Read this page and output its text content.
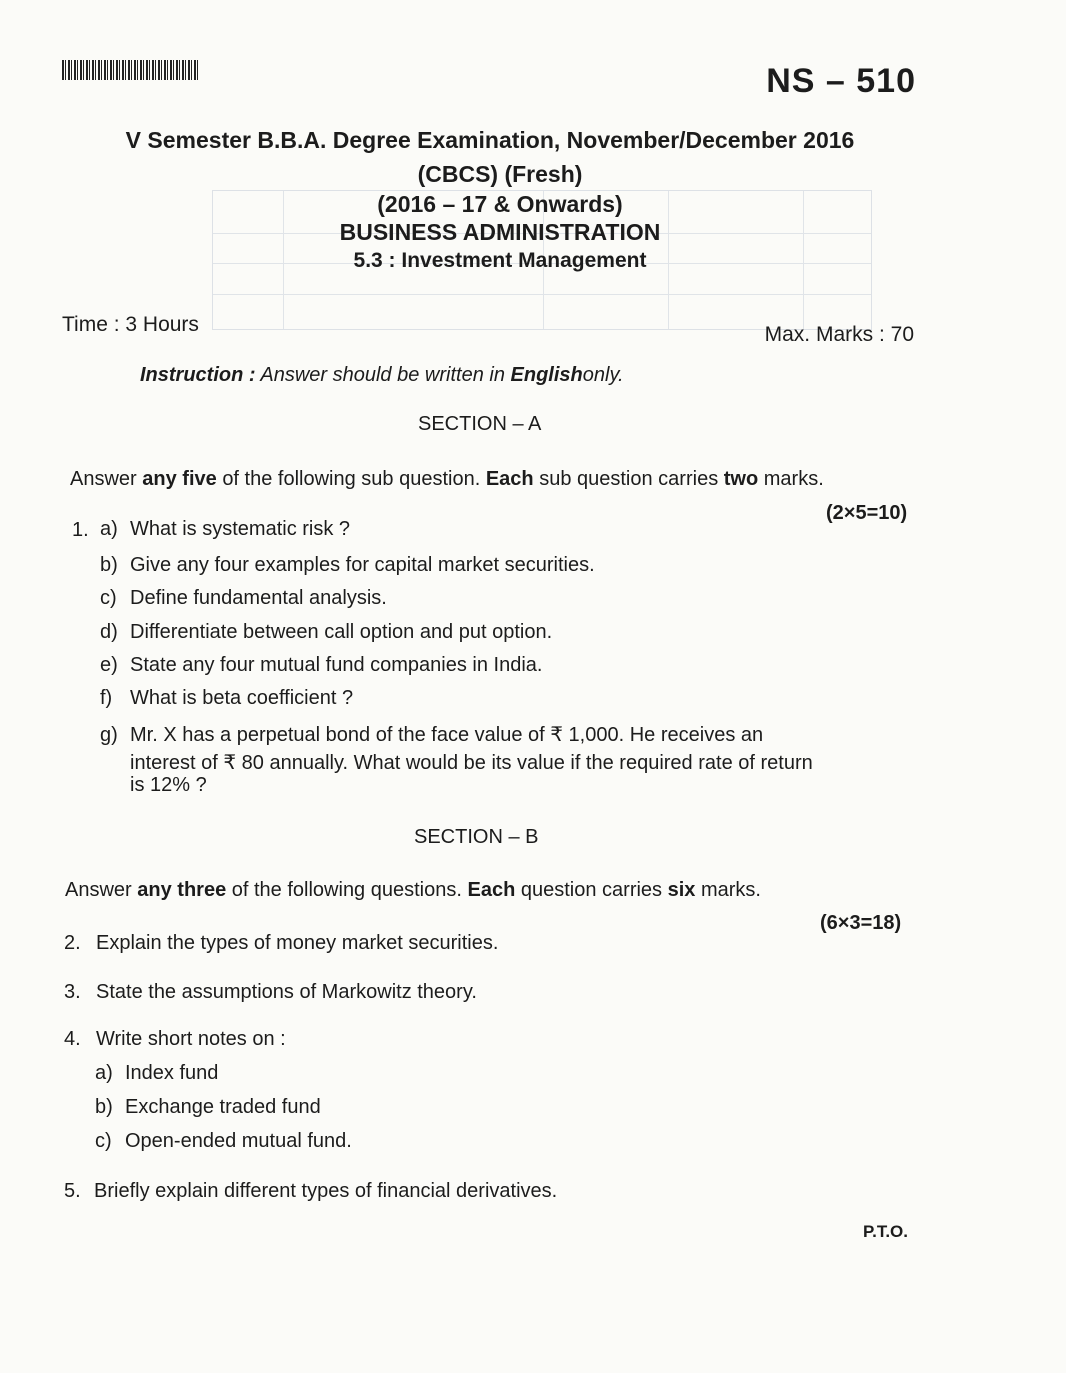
NS – 510
V Semester B.B.A. Degree Examination, November/December 2016
(CBCS) (Fresh)
(2016 – 17 & Onwards)
BUSINESS ADMINISTRATION
5.3 : Investment Management
Time : 3 Hours	Max. Marks : 70
Instruction : Answer should be written in Englishonly.
SECTION – A
Answer any five of the following sub question. Each sub question carries two marks.
(2×5=10)
1. a) What is systematic risk ?
b) Give any four examples for capital market securities.
c) Define fundamental analysis.
d) Differentiate between call option and put option.
e) State any four mutual fund companies in India.
f) What is beta coefficient ?
g) Mr. X has a perpetual bond of the face value of ₹ 1,000. He receives an
interest of ₹ 80 annually. What would be its value if the required rate of return
is 12% ?
SECTION – B
Answer any three of the following questions. Each question carries six marks.
(6×3=18)
2. Explain the types of money market securities.
3. State the assumptions of Markowitz theory.
4. Write short notes on :
a) Index fund
b) Exchange traded fund
c) Open-ended mutual fund.
5. Briefly explain different types of financial derivatives.
P.T.O.
